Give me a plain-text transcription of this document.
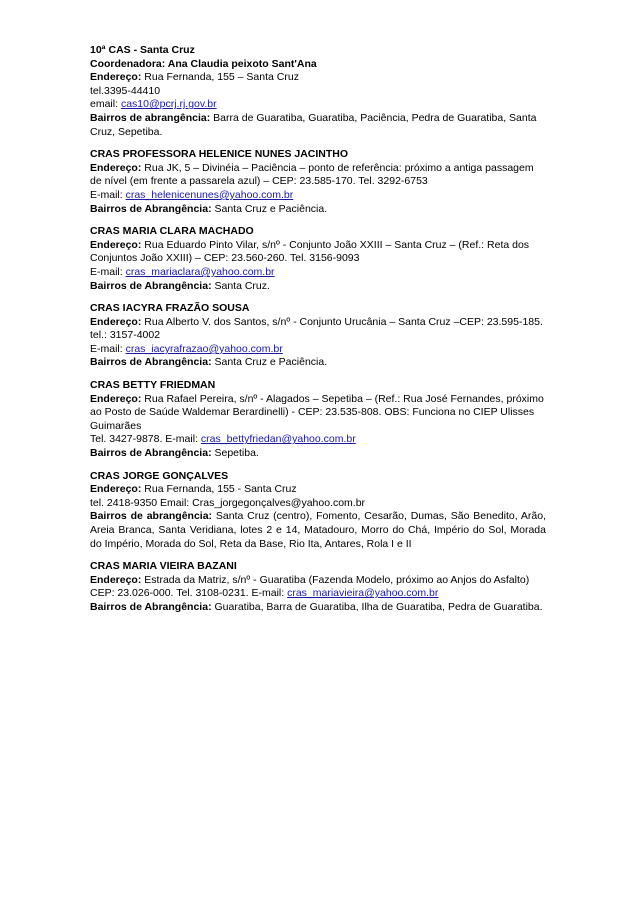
10ª CAS - Santa Cruz
Coordenadora: Ana Claudia peixoto Sant'Ana
Endereço: Rua Fernanda, 155 – Santa Cruz
tel.3395-44410
email: cas10@pcrj.rj.gov.br
Bairros de abrangência: Barra de Guaratiba, Guaratiba, Paciência, Pedra de Guaratiba, Santa Cruz, Sepetiba.
CRAS PROFESSORA HELENICE NUNES JACINTHO
Endereço: Rua JK, 5 – Divinéia – Paciência – ponto de referência: próximo a antiga passagem de nível (em frente a passarela azul) – CEP: 23.585-170. Tel. 3292-6753
E-mail: cras_helenicenunes@yahoo.com.br
Bairros de Abrangência: Santa Cruz e Paciência.
CRAS MARIA CLARA MACHADO
Endereço: Rua Eduardo Pinto Vilar, s/nº - Conjunto João XXIII – Santa Cruz – (Ref.: Reta dos Conjuntos João XXIII) – CEP: 23.560-260. Tel. 3156-9093
E-mail: cras_mariaclara@yahoo.com.br
Bairros de Abrangência: Santa Cruz.
CRAS IACYRA FRAZÃO SOUSA
Endereço: Rua Alberto V. dos Santos, s/nº - Conjunto Urucânia – Santa Cruz –CEP: 23.595-185.
tel.: 3157-4002
E-mail: cras_iacyrafrazao@yahoo.com.br
Bairros de Abrangência: Santa Cruz e Paciência.
CRAS BETTY FRIEDMAN
Endereço: Rua Rafael Pereira, s/nº - Alagados – Sepetiba – (Ref.: Rua José Fernandes, próximo ao Posto de Saúde Waldemar Berardinelli) - CEP: 23.535-808. OBS: Funciona no CIEP Ulisses Guimarães
Tel. 3427-9878. E-mail: cras_bettyfriedan@yahoo.com.br
Bairros de Abrangência: Sepetiba.
CRAS JORGE GONÇALVES
Endereço: Rua Fernanda, 155 - Santa Cruz
tel. 2418-9350 Email: Cras_jorgegonçalves@yahoo.com.br
Bairros de abrangência: Santa Cruz (centro), Fomento, Cesarão, Dumas, São Benedito, Arão, Areia Branca, Santa Veridiana, lotes 2 e 14, Matadouro, Morro do Chá, Império do Sol, Morada do Império, Morada do Sol, Reta da Base, Rio Ita, Antares, Rola I e II
CRAS MARIA VIEIRA BAZANI
Endereço: Estrada da Matriz, s/nº - Guaratiba (Fazenda Modelo, próximo ao Anjos do Asfalto) CEP: 23.026-000. Tel. 3108-0231. E-mail: cras_mariavieira@yahoo.com.br
Bairros de Abrangência: Guaratiba, Barra de Guaratiba, Ilha de Guaratiba, Pedra de Guaratiba.
